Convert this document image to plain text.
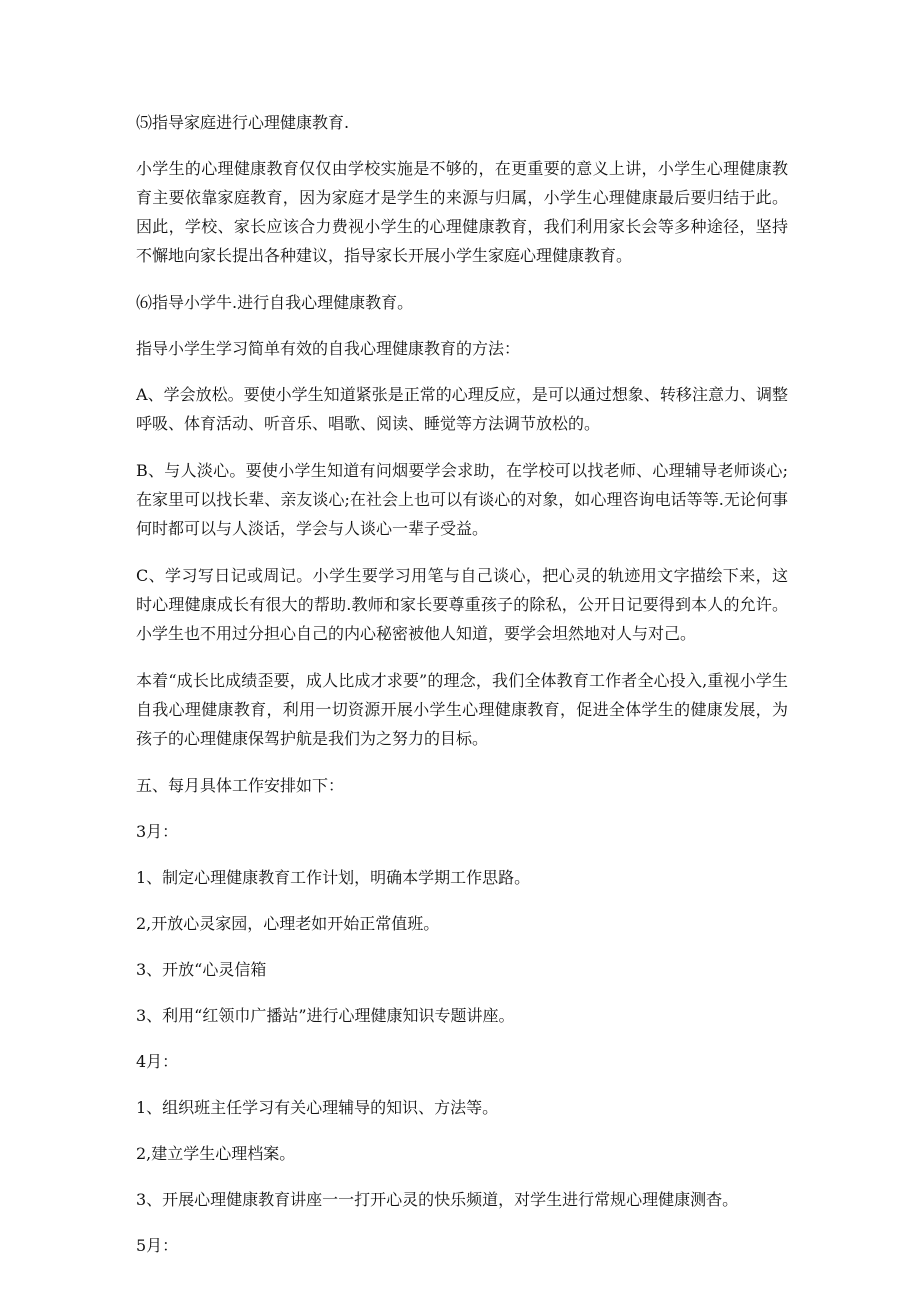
⑸指导家庭进行心理健康教育.

小学生的心理健康教育仅仅由学校实施是不够的，在更重要的意义上讲，小学生心理健康教育主要依靠家庭教育，因为家庭才是学生的来源与归属，小学生心理健康最后要归结于此。因此，学校、家长应该合力费视小学生的心理健康教育，我们利用家长会等多种途径，坚持不懈地向家长提出各种建议，指导家长开展小学生家庭心理健康教育。

⑹指导小学牛.进行自我心理健康教育。

指导小学生学习简单有效的自我心理健康教育的方法：

A、学会放松。要使小学生知道紧张是正常的心理反应，是可以通过想象、转移注意力、调整呼吸、体育活动、听音乐、唱歌、阅读、睡觉等方法调节放松的。

B、与人淡心。要使小学生知道有问烟要学会求助，在学校可以找老师、心理辅导老师谈心;在家里可以找长辈、亲友谈心;在社会上也可以有谈心的对象，如心理咨询电话等等.无论何事何时都可以与人淡话，学会与人谈心一辈子受益。

C、学习写日记或周记。小学生要学习用笔与自己谈心，把心灵的轨迹用文字描绘下来，这时心理健康成长有很大的帮助.教师和家长要尊重孩子的除私，公开日记要得到本人的允许。小学生也不用过分担心自己的内心秘密被他人知道，要学会坦然地对人与对己。

本着“成长比成绩歪要，成人比成才求要”的理念，我们全体教育工作者全心投入,重视小学生自我心理健康教育，利用一切资源开展小学生心理健康教育，促进全体学生的健康发展，为孩子的心理健康保驾护航是我们为之努力的目标。

五、每月具体工作安排如下：

3月：

1、制定心理健康教育工作计划，明确本学期工作思路。

2,开放心灵家园，心理老如开始正常值班。

3、开放“心灵信箱

3、利用“红领巾广播站”进行心理健康知识专题讲座。

4月：

1、组织班主任学习有关心理辅导的知识、方法等。

2,建立学生心理档案。

3、开展心理健康教育讲座一一打开心灵的快乐频道，对学生进行常规心理健康测杳。

5月：
